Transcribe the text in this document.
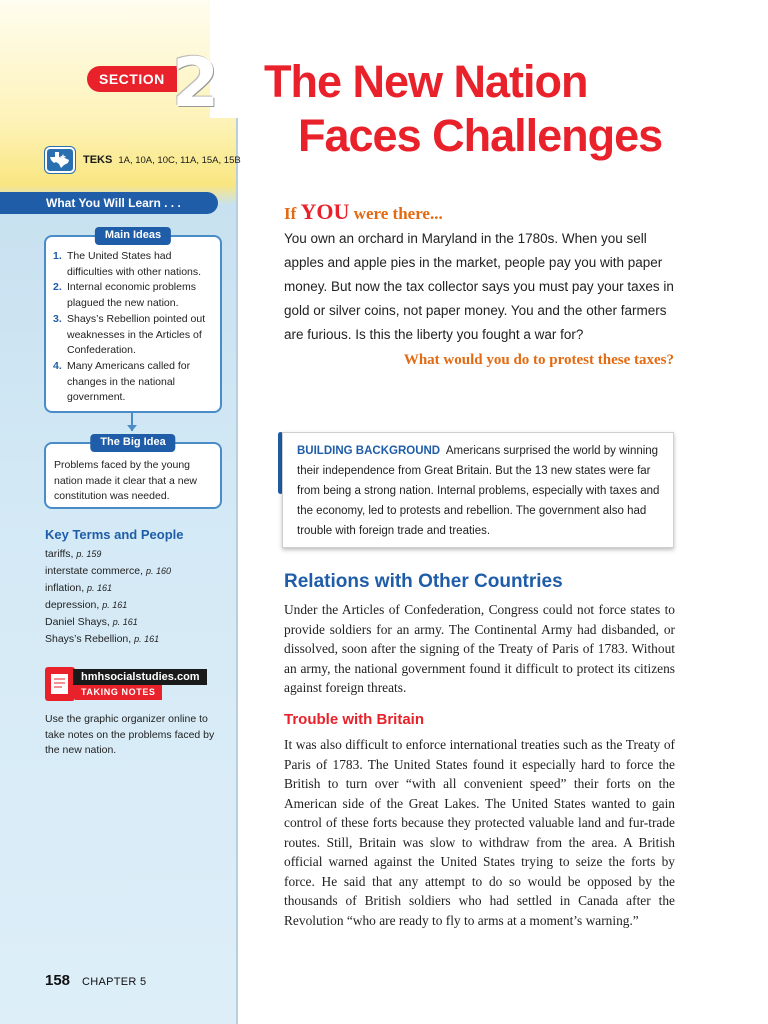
SECTION 2
TEKS 1A, 10A, 10C, 11A, 15A, 15B
What You Will Learn . . .
Main Ideas
1. The United States had difficulties with other nations.
2. Internal economic problems plagued the new nation.
3. Shays’s Rebellion pointed out weaknesses in the Articles of Confederation.
4. Many Americans called for changes in the national government.
The Big Idea
Problems faced by the young nation made it clear that a new constitution was needed.
Key Terms and People
tariffs, p. 159
interstate commerce, p. 160
inflation, p. 161
depression, p. 161
Daniel Shays, p. 161
Shays’s Rebellion, p. 161
hmhsocialstudies.com
TAKING NOTES
Use the graphic organizer online to take notes on the problems faced by the new nation.
158 CHAPTER 5
The New Nation
Faces Challenges
If YOU were there...
You own an orchard in Maryland in the 1780s. When you sell apples and apple pies in the market, people pay you with paper money. But now the tax collector says you must pay your taxes in gold or silver coins, not paper money. You and the other farmers are furious. Is this the liberty you fought a war for?
What would you do to protest these taxes?
BUILDING BACKGROUND Americans surprised the world by winning their independence from Great Britain. But the 13 new states were far from being a strong nation. Internal problems, especially with taxes and the economy, led to protests and rebellion. The government also had trouble with foreign trade and treaties.
Relations with Other Countries
Under the Articles of Confederation, Congress could not force states to provide soldiers for an army. The Continental Army had disbanded, or dissolved, soon after the signing of the Treaty of Paris of 1783. Without an army, the national government found it difficult to protect its citizens against foreign threats.
Trouble with Britain
It was also difficult to enforce international treaties such as the Treaty of Paris of 1783. The United States found it especially hard to force the British to turn over “with all convenient speed” their forts on the American side of the Great Lakes. The United States wanted to gain control of these forts because they protected valuable land and fur-trade routes. Still, Britain was slow to withdraw from the area. A British official warned against the United States trying to seize the forts by force. He said that any attempt to do so would be opposed by the thousands of British soldiers who had settled in Canada after the Revolution “who are ready to fly to arms at a moment’s warning.”
